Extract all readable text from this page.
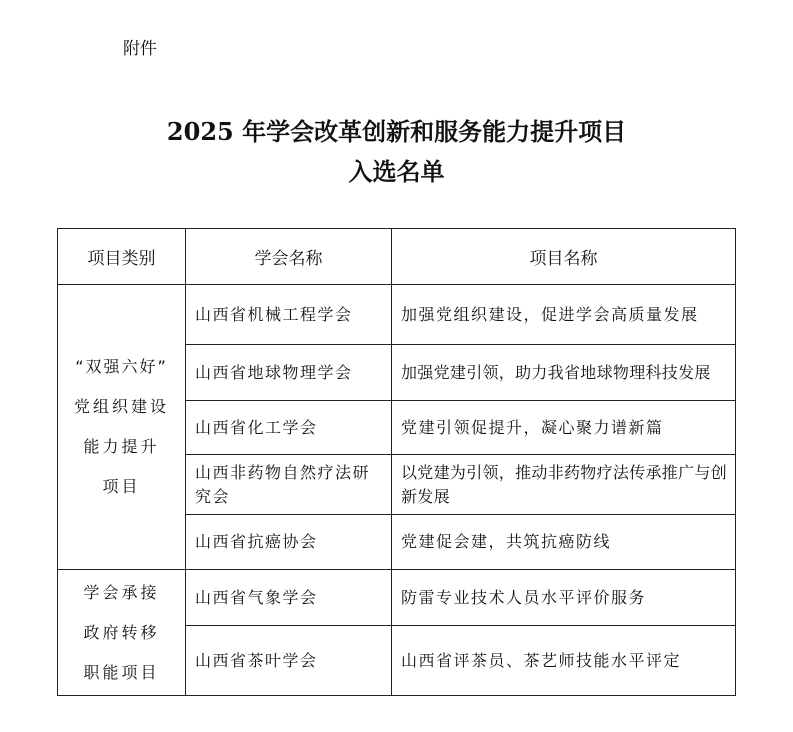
附件
2025 年学会改革创新和服务能力提升项目
入选名单
项目类别	学会名称	项目名称

“双强六好”
党组织建设
能力提升
项目	山西省机械工程学会	加强党组织建设，促进学会高质量发展
	山西省地球物理学会	加强党建引领，助力我省地球物理科技发展
	山西省化工学会	党建引领促提升，凝心聚力谱新篇
	山西非药物自然疗法研究会	以党建为引领，推动非药物疗法传承推广与创新发展
	山西省抗癌协会	党建促会建，共筑抗癌防线

学会承接
政府转移
职能项目	山西省气象学会	防雷专业技术人员水平评价服务
	山西省茶叶学会	山西省评茶员、茶艺师技能水平评定
